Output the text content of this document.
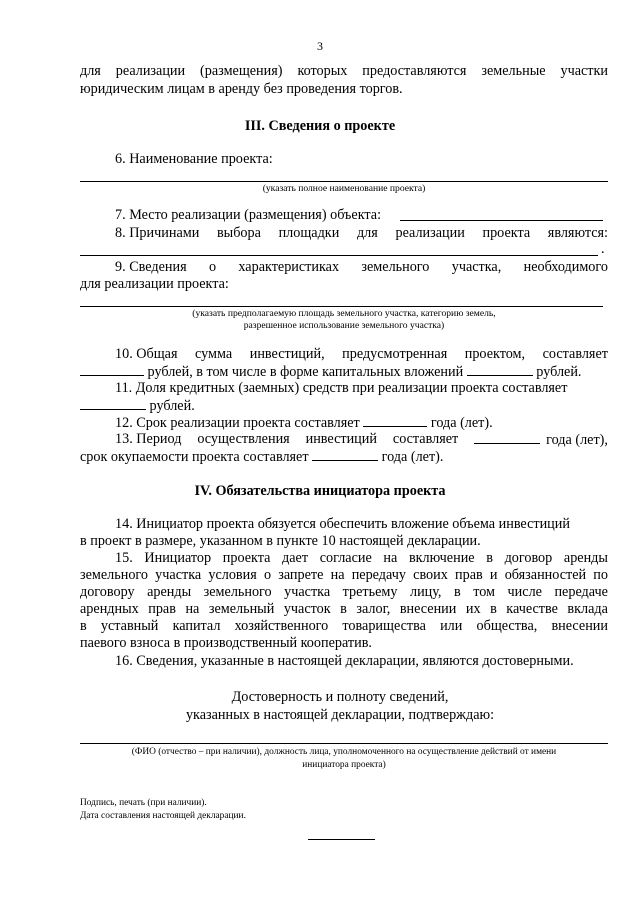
3
для реализации (размещения) которых предоставляются земельные участки
юридическим лицам в аренду без проведения торгов.
III. Сведения о проекте
6. Наименование проекта:
(указать полное наименование проекта)
7. Место реализации (размещения) объекта:
8. Причинами выбора площадки для реализации проекта являются:
.
9. Сведения о характеристиках земельного участка, необходимого
для реализации проекта:
(указать предполагаемую площадь земельного участка, категорию земель,
разрешенное использование земельного участка)
10. Общая сумма инвестиций, предусмотренная проектом, составляет
рублей, в том числе в форме капитальных вложений	рублей.
11. Доля кредитных (заемных) средств при реализации проекта составляет
рублей.
12. Срок реализации проекта составляет	года (лет).
13. Период осуществления инвестиций составляет	года (лет),
срок окупаемости проекта составляет	года (лет).
IV. Обязательства инициатора проекта
14. Инициатор проекта обязуется обеспечить вложение объема инвестиций
в проект в размере, указанном в пункте 10 настоящей декларации.
15. Инициатор проекта дает согласие на включение в договор аренды
земельного участка условия о запрете на передачу своих прав и обязанностей по
договору аренды земельного участка третьему лицу, в том числе передаче
арендных прав на земельный участок в залог, внесении их в качестве вклада
в уставный капитал хозяйственного товарищества или общества, внесении
паевого взноса в производственный кооператив.
16. Сведения, указанные в настоящей декларации, являются достоверными.
Достоверность и полноту сведений,
указанных в настоящей декларации, подтверждаю:
(ФИО (отчество – при наличии), должность лица, уполномоченного на осуществление действий от имени
инициатора проекта)
Подпись, печать (при наличии).
Дата составления настоящей декларации.
